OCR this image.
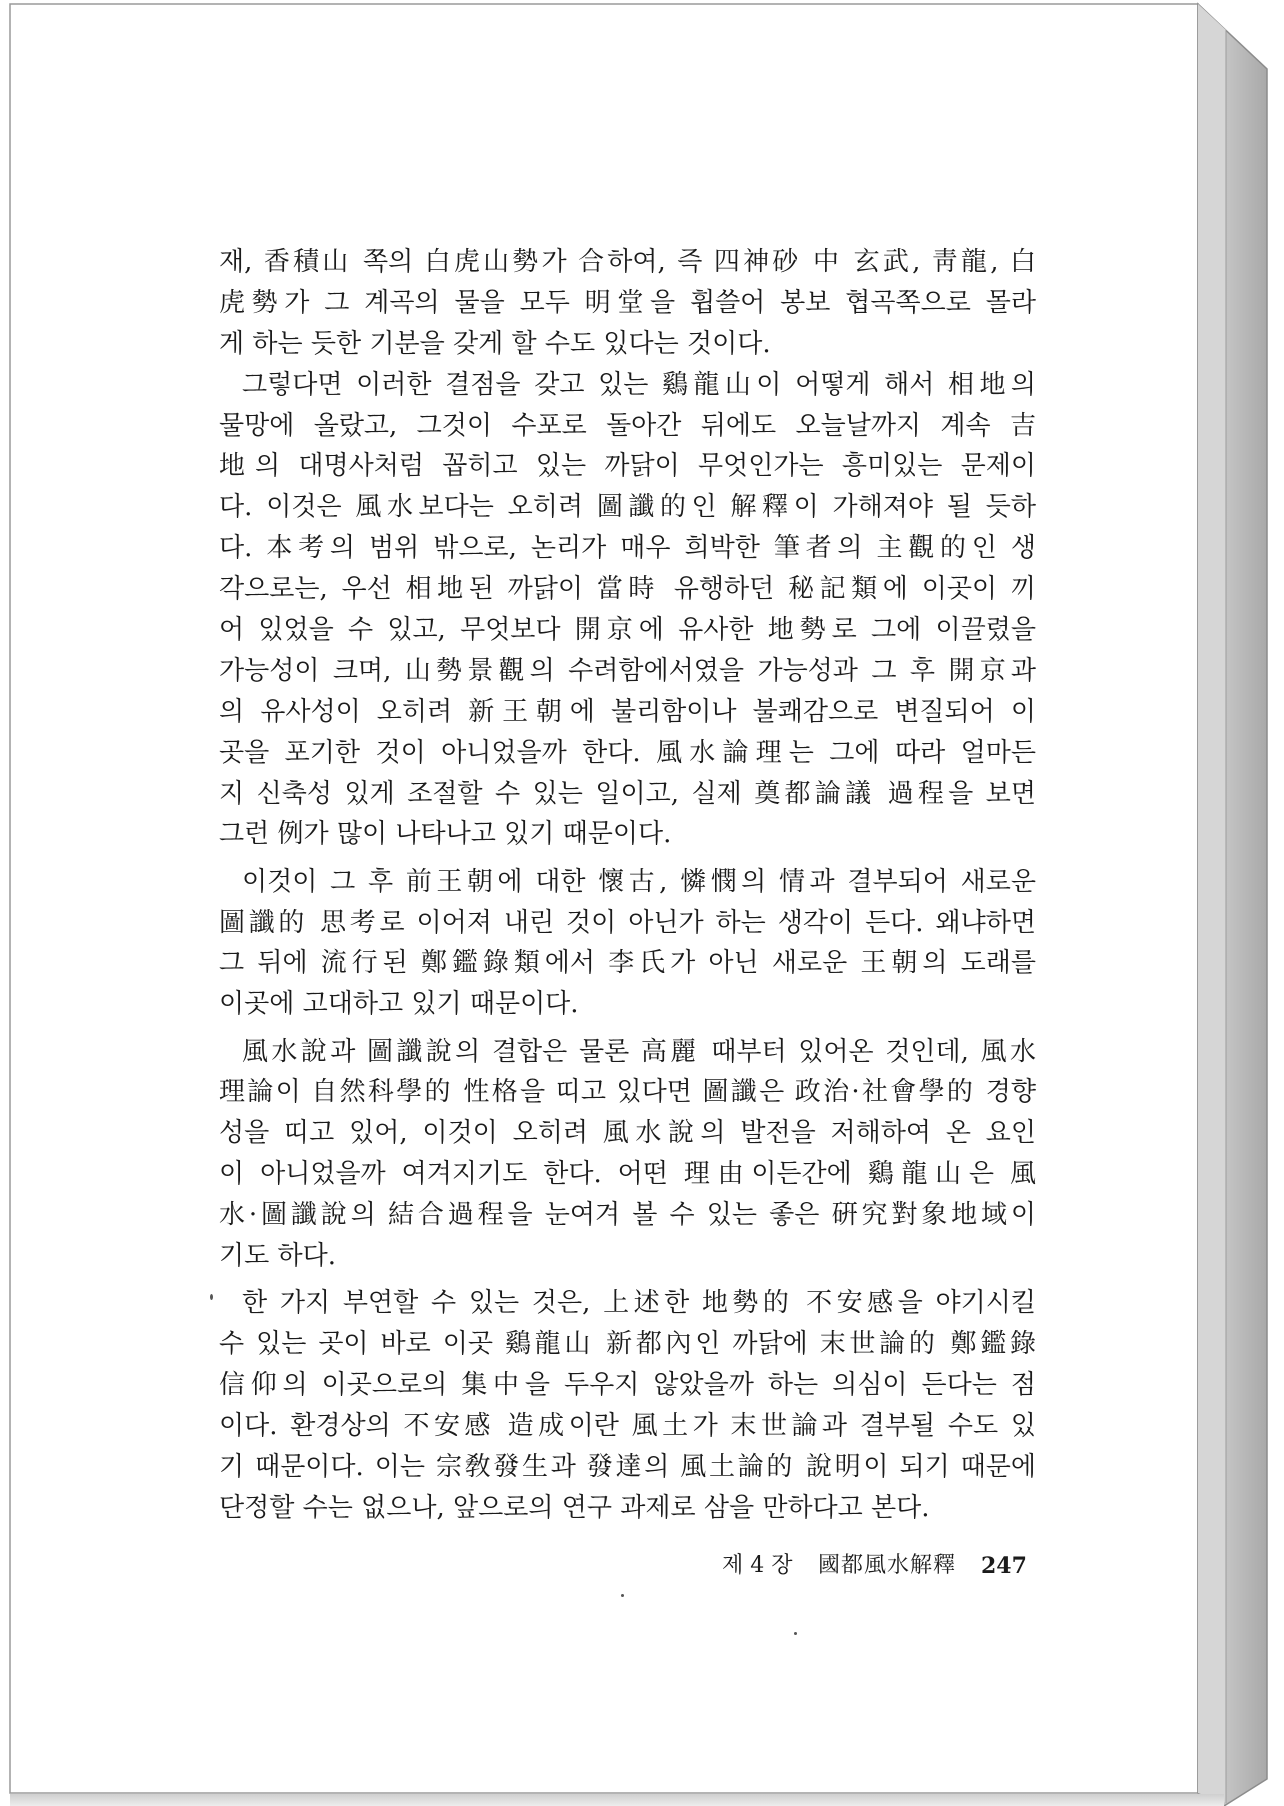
재, 香積山 쪽의 白虎山勢가 合하여, 즉 四神砂 中 玄武, 靑龍, 白
虎勢가 그 계곡의 물을 모두 明堂을 휩쓸어 봉보 협곡쪽으로 몰라
게 하는 듯한 기분을 갖게 할 수도 있다는 것이다.
그렇다면 이러한 결점을 갖고 있는 鷄龍山이 어떻게 해서 相地의
물망에 올랐고, 그것이 수포로 돌아간 뒤에도 오늘날까지 계속 吉
地의 대명사처럼 꼽히고 있는 까닭이 무엇인가는 흥미있는 문제이
다. 이것은 風水보다는 오히려 圖讖的인 解釋이 가해져야 될 듯하
다. 本考의 범위 밖으로, 논리가 매우 희박한 筆者의 主觀的인 생
각으로는, 우선 相地된 까닭이 當時 유행하던 秘記類에 이곳이 끼
어 있었을 수 있고, 무엇보다 開京에 유사한 地勢로 그에 이끌렸을
가능성이 크며, 山勢景觀의 수려함에서였을 가능성과 그 후 開京과
의 유사성이 오히려 新王朝에 불리함이나 불쾌감으로 변질되어 이
곳을 포기한 것이 아니었을까 한다. 風水論理는 그에 따라 얼마든
지 신축성 있게 조절할 수 있는 일이고, 실제 奠都論議 過程을 보면
그런 例가 많이 나타나고 있기 때문이다.
이것이 그 후 前王朝에 대한 懷古, 憐憫의 情과 결부되어 새로운
圖讖的 思考로 이어져 내린 것이 아닌가 하는 생각이 든다. 왜냐하면
그 뒤에 流行된 鄭鑑錄類에서 李氏가 아닌 새로운 王朝의 도래를
이곳에 고대하고 있기 때문이다.
風水說과 圖讖說의 결합은 물론 高麗 때부터 있어온 것인데, 風水
理論이 自然科學的 性格을 띠고 있다면 圖讖은 政治·社會學的 경향
성을 띠고 있어, 이것이 오히려 風水說의 발전을 저해하여 온 요인
이 아니었을까 여겨지기도 한다. 어떤 理由이든간에 鷄龍山은 風
水·圖讖說의 結合過程을 눈여겨 볼 수 있는 좋은 硏究對象地域이
기도 하다.
한 가지 부연할 수 있는 것은, 上述한 地勢的 不安感을 야기시킬
수 있는 곳이 바로 이곳 鷄龍山 新都內인 까닭에 末世論的 鄭鑑錄
信仰의 이곳으로의 集中을 두우지 않았을까 하는 의심이 든다는 점
이다. 환경상의 不安感 造成이란 風土가 末世論과 결부될 수도 있
기 때문이다. 이는 宗敎發生과 發達의 風土論的 說明이 되기 때문에
단정할 수는 없으나, 앞으로의 연구 과제로 삼을 만하다고 본다.
제 4 장 國都風水解釋 247
